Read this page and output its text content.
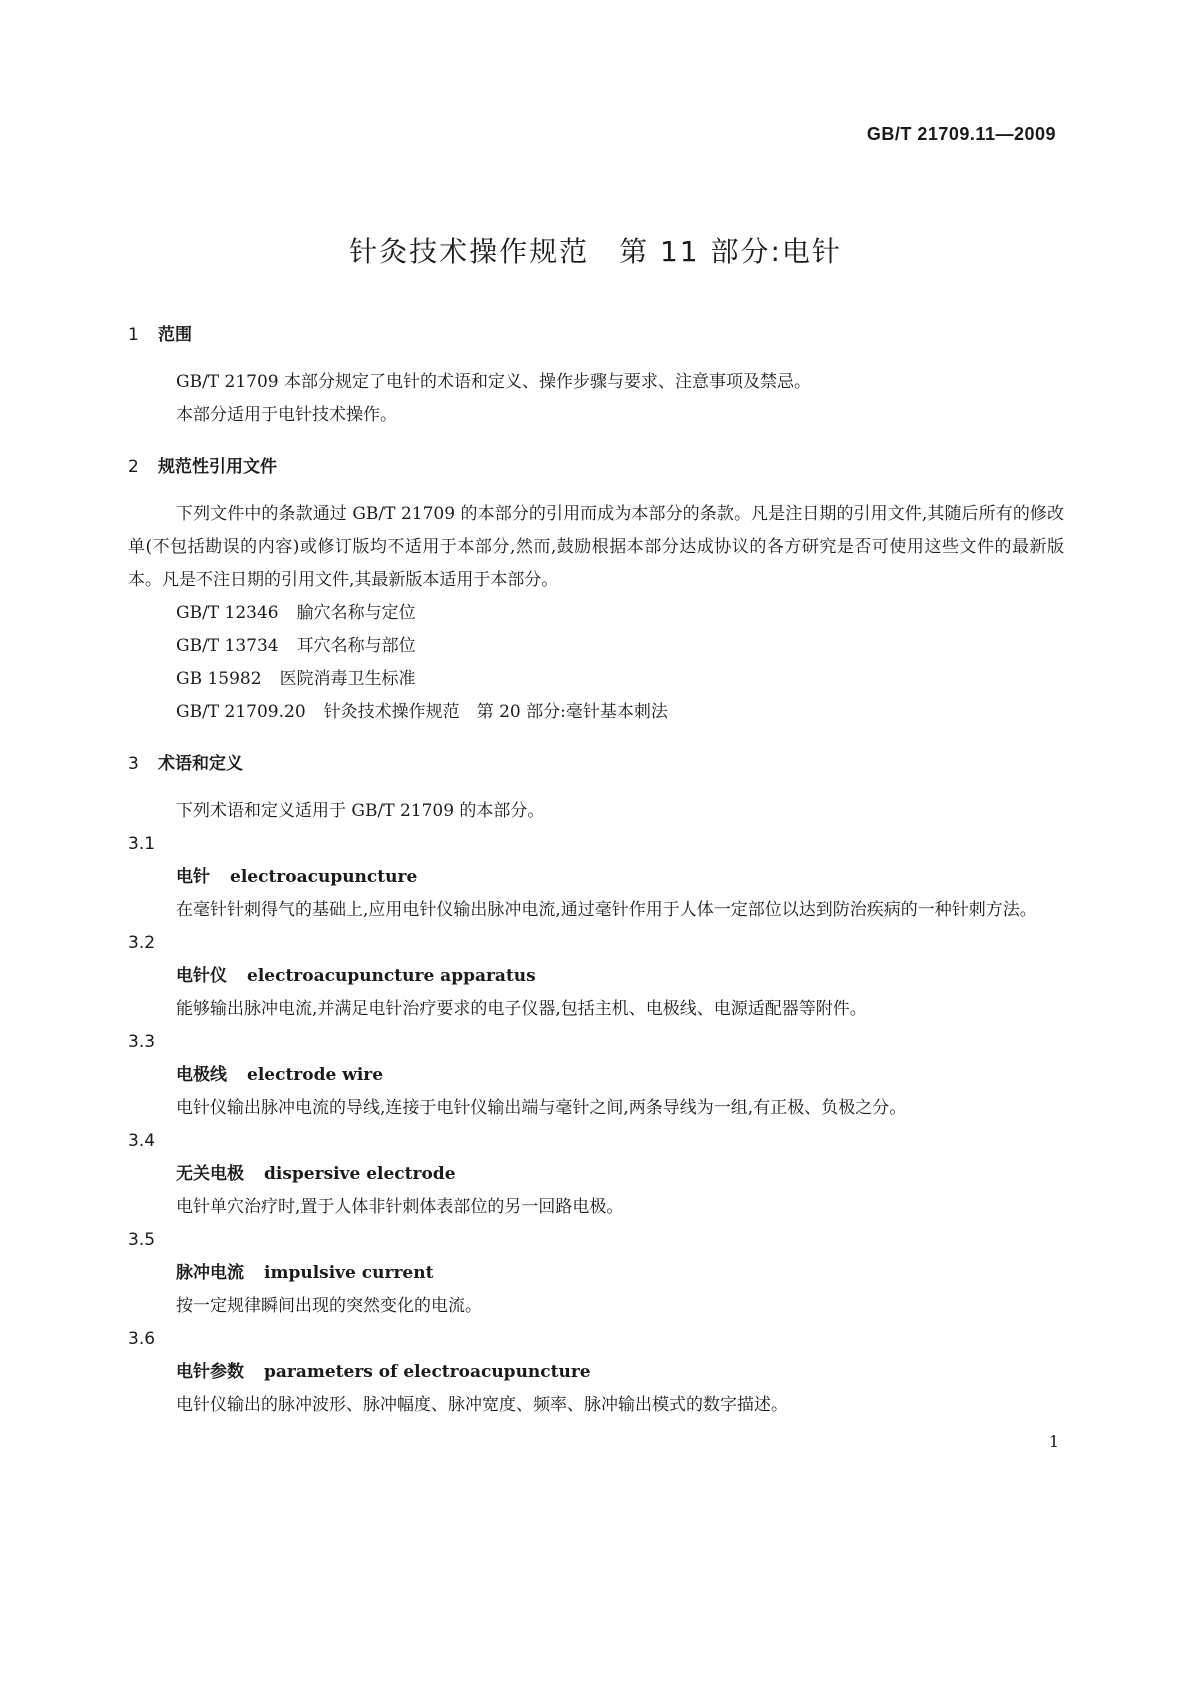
GB/T 21709.11—2009
针灸技术操作规范　第 11 部分:电针
1 范围

GB/T 21709 本部分规定了电针的术语和定义、操作步骤与要求、注意事项及禁忌。

本部分适用于电针技术操作。

2 规范性引用文件

下列文件中的条款通过 GB/T 21709 的本部分的引用而成为本部分的条款。凡是注日期的引用文件,其随后所有的修改单(不包括勘误的内容)或修订版均不适用于本部分,然而,鼓励根据本部分达成协议的各方研究是否可使用这些文件的最新版本。凡是不注日期的引用文件,其最新版本适用于本部分。

GB/T 12346 腧穴名称与定位
GB/T 13734 耳穴名称与部位
GB 15982 医院消毒卫生标准
GB/T 21709.20 针灸技术操作规范　第 20 部分:毫针基本刺法
3 术语和定义

下列术语和定义适用于 GB/T 21709 的本部分。

3.1

电针 electroacupuncture

在毫针针刺得气的基础上,应用电针仪输出脉冲电流,通过毫针作用于人体一定部位以达到防治疾病的一种针刺方法。

3.2

电针仪 electroacupuncture apparatus

能够输出脉冲电流,并满足电针治疗要求的电子仪器,包括主机、电极线、电源适配器等附件。

3.3

电极线 electrode wire

电针仪输出脉冲电流的导线,连接于电针仪输出端与毫针之间,两条导线为一组,有正极、负极之分。

3.4

无关电极 dispersive electrode

电针单穴治疗时,置于人体非针刺体表部位的另一回路电极。

3.5

脉冲电流 impulsive current

按一定规律瞬间出现的突然变化的电流。

3.6

电针参数 parameters of electroacupuncture

电针仪输出的脉冲波形、脉冲幅度、脉冲宽度、频率、脉冲输出模式的数字描述。

1
